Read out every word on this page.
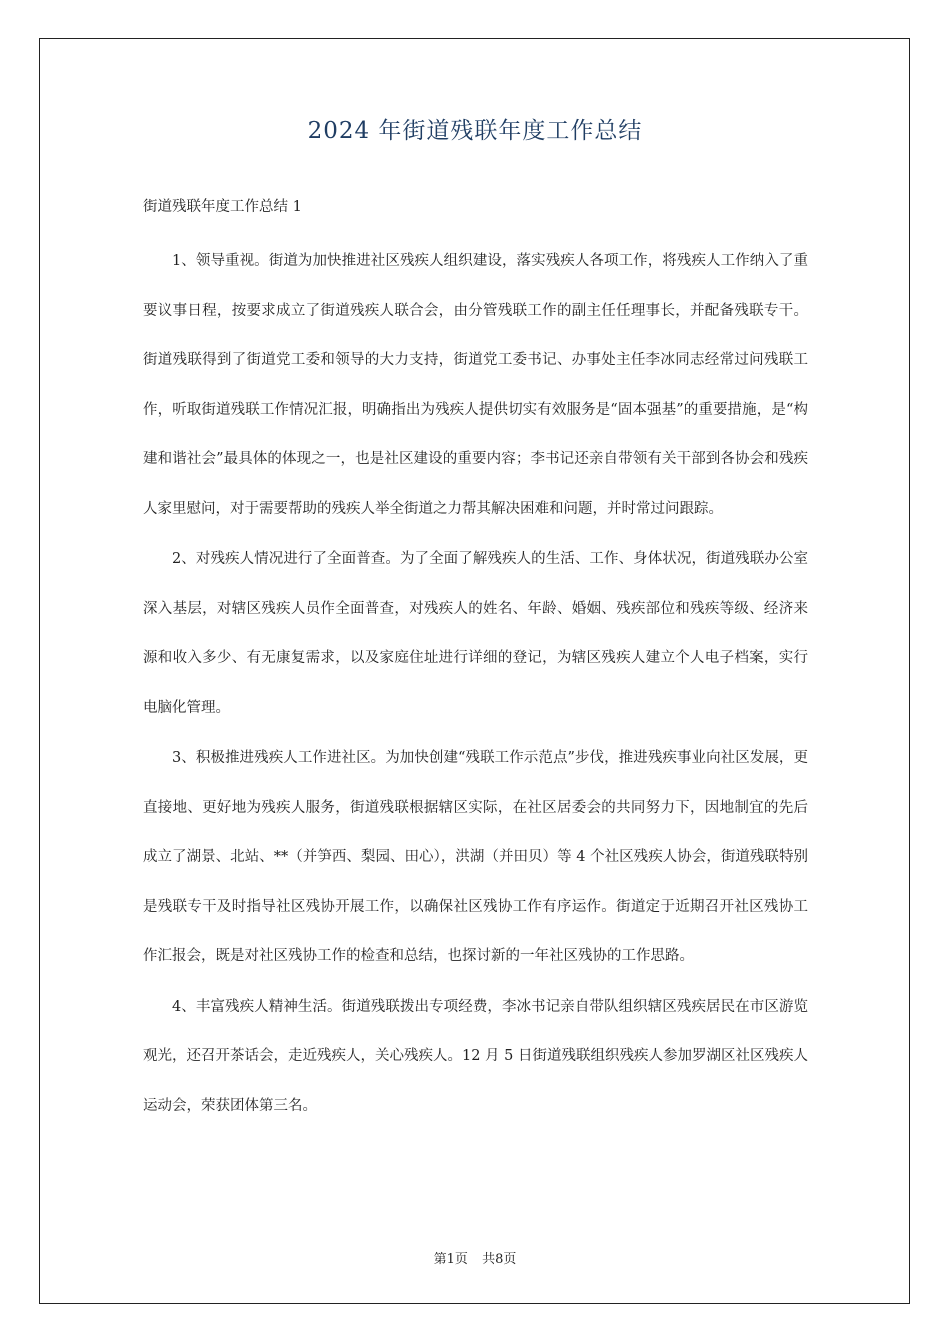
2024 年街道残联年度工作总结

街道残联年度工作总结 1

1、领导重视。街道为加快推进社区残疾人组织建设，落实残疾人各项工作，将残疾人工作纳入了重要议事日程，按要求成立了街道残疾人联合会，由分管残联工作的副主任任理事长，并配备残联专干。街道残联得到了街道党工委和领导的大力支持，街道党工委书记、办事处主任李冰同志经常过问残联工作，听取街道残联工作情况汇报，明确指出为残疾人提供切实有效服务是“固本强基”的重要措施，是“构建和谐社会”最具体的体现之一，也是社区建设的重要内容；李书记还亲自带领有关干部到各协会和残疾人家里慰问，对于需要帮助的残疾人举全街道之力帮其解决困难和问题，并时常过问跟踪。

2、对残疾人情况进行了全面普查。为了全面了解残疾人的生活、工作、身体状况，街道残联办公室深入基层，对辖区残疾人员作全面普查，对残疾人的姓名、年龄、婚姻、残疾部位和残疾等级、经济来源和收入多少、有无康复需求，以及家庭住址进行详细的登记，为辖区残疾人建立个人电子档案，实行电脑化管理。

3、积极推进残疾人工作进社区。为加快创建“残联工作示范点”步伐，推进残疾事业向社区发展，更直接地、更好地为残疾人服务，街道残联根据辖区实际，在社区居委会的共同努力下，因地制宜的先后成立了湖景、北站、**（并笋西、梨园、田心），洪湖（并田贝）等 4 个社区残疾人协会，街道残联特别是残联专干及时指导社区残协开展工作，以确保社区残协工作有序运作。街道定于近期召开社区残协工作汇报会，既是对社区残协工作的检查和总结，也探讨新的一年社区残协的工作思路。

4、丰富残疾人精神生活。街道残联拨出专项经费，李冰书记亲自带队组织辖区残疾居民在市区游览观光，还召开茶话会，走近残疾人，关心残疾人。12 月 5 日街道残联组织残疾人参加罗湖区社区残疾人运动会，荣获团体第三名。

第1页 共8页
